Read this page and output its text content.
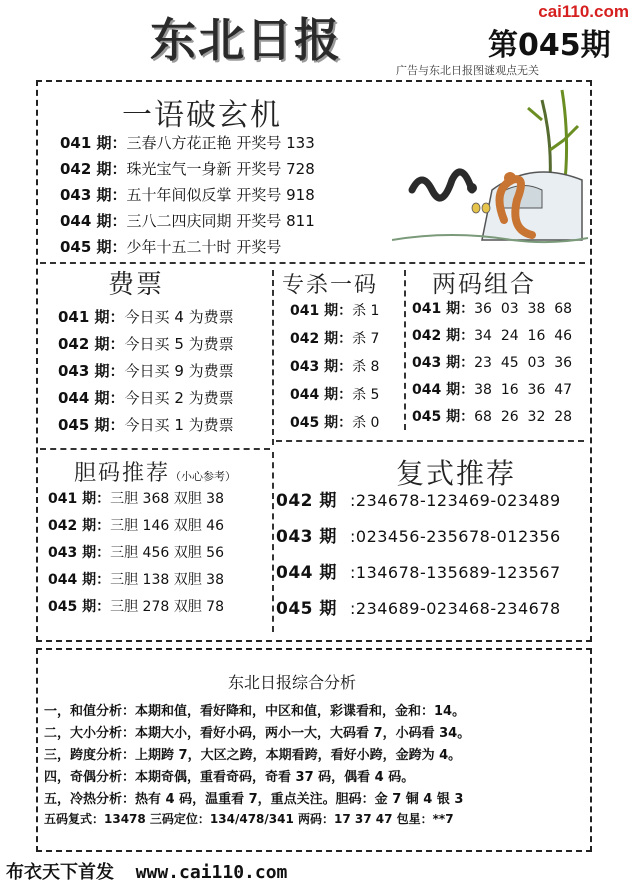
东北日报
cai110.com
第045期
广告与东北日报图谜观点无关
一语破玄机
041 期：三春八方花正艳 开奖号 133
042 期：珠光宝气一身新 开奖号 728
043 期：五十年间似反掌 开奖号 918
044 期：三八二四庆同期 开奖号 811
045 期：少年十五二十时 开奖号
费票
041 期：今日买 4 为费票
042 期：今日买 5 为费票
043 期：今日买 9 为费票
044 期：今日买 2 为费票
045 期：今日买 1 为费票
专杀一码
041 期：杀 1
042 期：杀 7
043 期：杀 8
044 期：杀 5
045 期：杀 0
两码组合
041 期：36  03  38  68
042 期：34  24  16  46
043 期：23  45  03  36
044 期：38  16  36  47
045 期：68  26  32  28
胆码推荐（小心参考）
041 期：三胆 368 双胆 38
042 期：三胆 146 双胆 46
043 期：三胆 456 双胆 56
044 期：三胆 138 双胆 38
045 期：三胆 278 双胆 78
复式推荐
042 期 :234678-123469-023489
043 期 :023456-235678-012356
044 期 :134678-135689-123567
045 期 :234689-023468-234678
东北日报综合分析
一，和值分析：本期和值，看好降和，中区和值，彩谍看和，金和：14。
二，大小分析：本期大小，看好小码，两小一大，大码看 7，小码看 34。
三，跨度分析：上期跨 7，大区之跨，本期看跨，看好小跨，金跨为 4。
四，奇偶分析：本期奇偶，重看奇码，奇看 37 码，偶看 4 码。
五，冷热分析：热有 4 码，温重看 7，重点关注。胆码：金 7 铜 4 银 3
五码复式：13478 三码定位：134/478/341 两码：17 37 47 包星：**7
布衣天下首发  www.cai110.com
